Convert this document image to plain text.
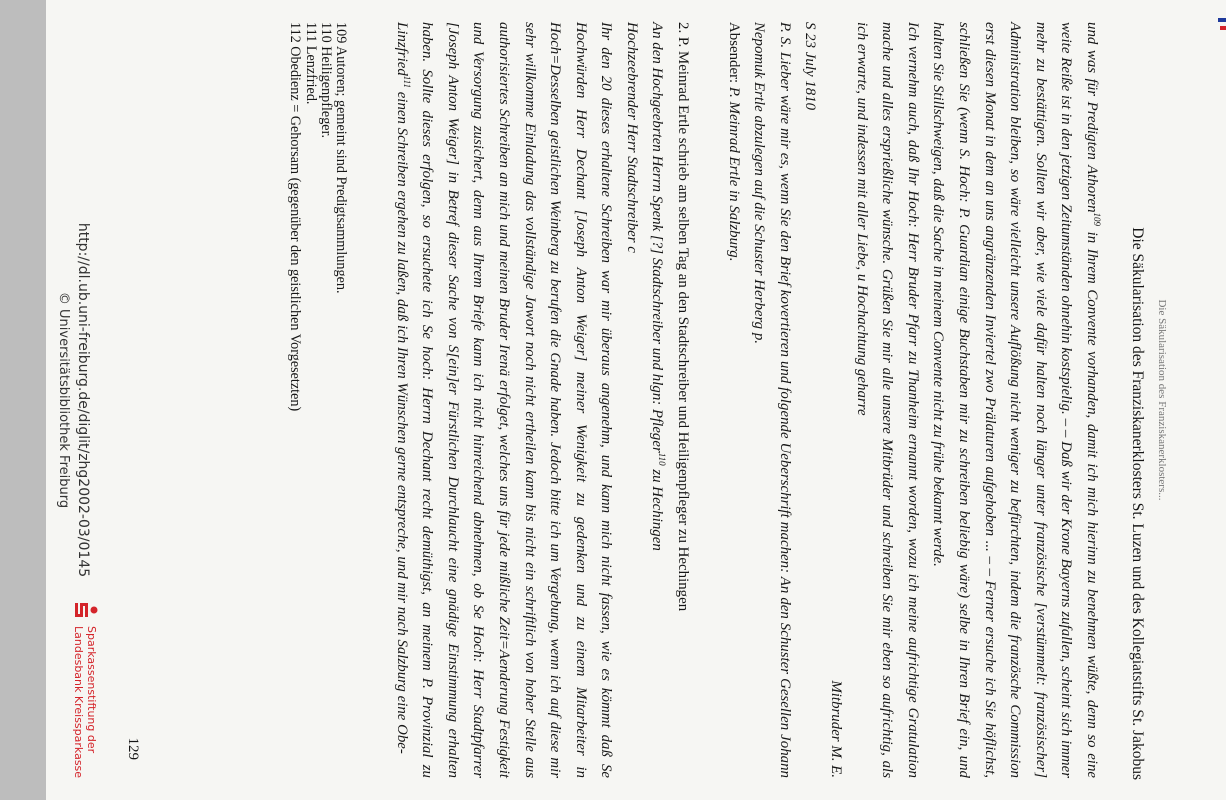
Die Säkularisation des Franziskanerklosters...
Die Säkularisation des Franziskanerklosters St. Luzen und des Kollegiatstifts St. Jakobus

und was für Predigten Athoren$^{109}$ in Ihrem Convente vorhanden, damit ich mich hierinn zu benehmen wüßte, denn so eine weite Reiße ist in den jetzigen Zeitumständen ohnehin kostspielig. – – Daß wir der Krone Bayerns zufallen, scheint sich immer mehr zu bestättigen. Sollten wir aber, wie viele dafür halten noch länger unter französische [verstümmelt: französischer] Administration bleiben, so wäre vielleicht unsere Auflößung nicht weniger zu befürchten, indem die französche Commission erst diesen Monat in dem an uns angränzenden Inviertel zwo Prälaturen aufgehoben ... – – Ferner ersuche ich Sie höflichst, schließen Sie (wenn S. Hoch: P. Guardian einige Buchstaben mir zu schreiben beliebig wäre) selbe in Ihren Brief ein, und halten Sie Stillschweigen, daß die Sache in meinem Convente nicht zu frühe bekannt werde.

Ich vernehm auch, daß Ihr Hoch: Herr Bruder Pfarr zu Thanheim ernannt worden, wozu ich meine aufrichtige Gratulation mache und alles ersprießliche wünsche. Grüßen Sie mir alle unsere Mitbrüder und schreiben Sie mir eben so aufrichtig, als ich erwarte, und indessen mit aller Liebe, u Hochachtung geharre

Mitbruder M. E.

S 23 July 1810

P. S. Lieber wäre mir es, wenn Sie den Brief kovertieren und folgende Ueberschrift machen: An den Schuster Gesellen Johann Nepomuk Ertle abzulegen auf die Schuster Herberg p.

Absender: P. Meinrad Ertle in Salzburg.

2. P. Meinrad Ertle schrieb am selben Tag an den Stadtschreiber und Heiligenpfleger zu Hechingen

An den Hochgeebrten Herrn Spenk [?] Stadtschreiber und hlgn: Pfleger$^{110}$ zu Hechingen

Hochzeebrender Herr Stadtschreiber c

Ihr den 20 dieses erhaltene Schreiben war mir überaus angenehm, und kann mich nicht fassen, wie es kömmt daß Se Hochwürden Herr Dechant [Joseph Anton Weiger] meiner Wenigkeit zu gedenken und zu einem Mitarbeiter in Hoch=Desselben geistlichen Weinberg zu berufen die Gnade haben. Jedoch bitte ich um Vergebung, wenn ich auf diese mir sehr willkomme Einladung das vollständige Jawort noch nicht ertheilen kann bis nicht ein schriftlich von hoher Stelle aus authorisiertes Schreiben an mich und meinen Bruder Irenä erfolget, welches uns für jede mißliche Zeit=Aenderung Festigkeit und Versorgung zusichert, denn aus Ihrem Briefe kann ich nicht hinreichend abnehmen, ob Se Hoch: Herr Stadtpfarrer [Joseph Anton Weiger] in Betref dieser Sache von S[ein]er Fürstlichen Durchlaucht eine gnädige Einstimmung erhalten haben. Sollte dieses erfolgen, so ersuchete ich Se hoch: Herrn Dechant recht demüthigst, an meinem P. Provinzial zu Linzfried$^{111}$ einen Schreiben ergehen zu laßen, daß ich Ihren Wünschen gerne entspreche, und mir nach Salzburg eine Obe-

109 Autoren; gemeint sind Predigtsammlungen.
110 Heiligenpfleger.
111 Lenzfried.
112 Obedienz = Gehorsam (gegenüber den geistlichen Vorgesetzten)
129
http://dl.ub.uni-freiburg.de/diglit/zhg2002-03/0145
© Universitätsbibliothek Freiburg
Sparkassenstiftung der
Landesbank Kreissparkasse
